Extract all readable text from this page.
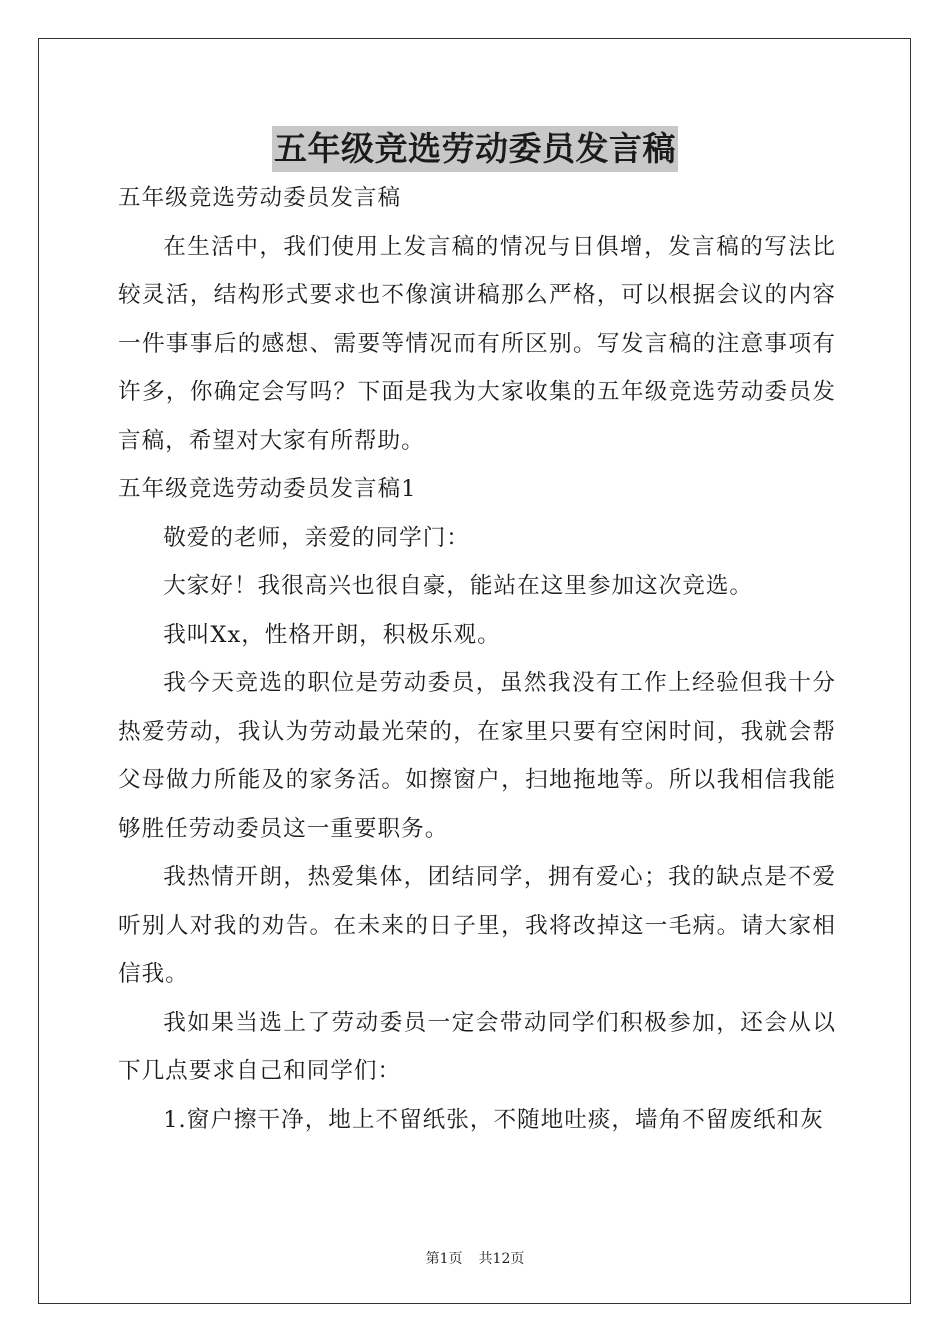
五年级竞选劳动委员发言稿

五年级竞选劳动委员发言稿

在生活中，我们使用上发言稿的情况与日俱增，发言稿的写法比较灵活，结构形式要求也不像演讲稿那么严格，可以根据会议的内容一件事事后的感想、需要等情况而有所区别。写发言稿的注意事项有许多，你确定会写吗？下面是我为大家收集的五年级竞选劳动委员发言稿，希望对大家有所帮助。

五年级竞选劳动委员发言稿1

敬爱的老师，亲爱的同学门：

大家好！我很高兴也很自豪，能站在这里参加这次竞选。

我叫Xx，性格开朗，积极乐观。

我今天竞选的职位是劳动委员，虽然我没有工作上经验但我十分热爱劳动，我认为劳动最光荣的，在家里只要有空闲时间，我就会帮父母做力所能及的家务活。如擦窗户，扫地拖地等。所以我相信我能够胜任劳动委员这一重要职务。

我热情开朗，热爱集体，团结同学，拥有爱心；我的缺点是不爱听别人对我的劝告。在未来的日子里，我将改掉这一毛病。请大家相信我。

我如果当选上了劳动委员一定会带动同学们积极参加，还会从以下几点要求自己和同学们：

1.窗户擦干净，地上不留纸张，不随地吐痰，墙角不留废纸和灰

第1页 共12页
